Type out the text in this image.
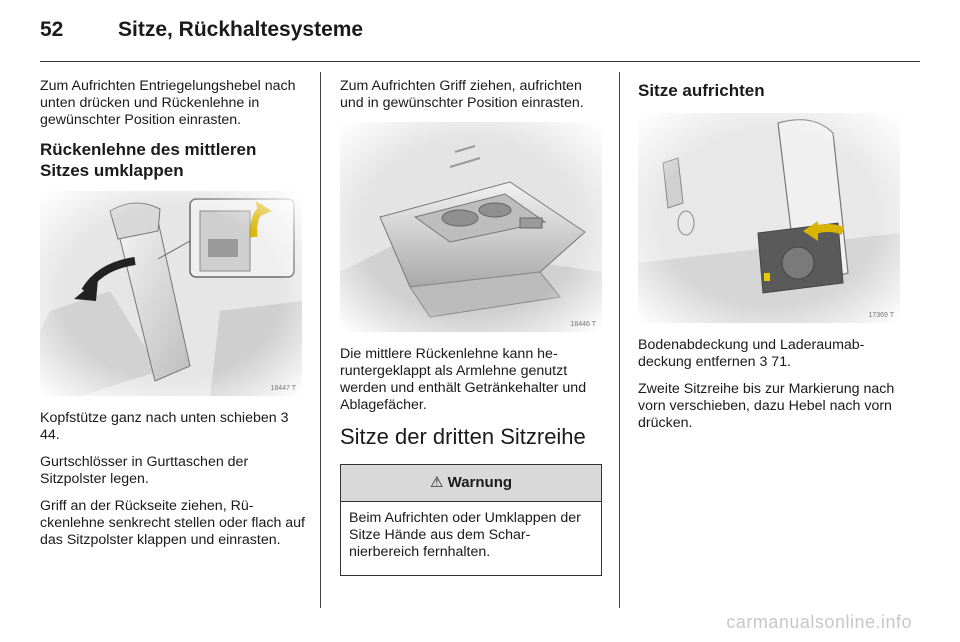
52	Sitze, Rückhaltesysteme

Zum Aufrichten Entriegelungshebel nach unten drücken und Rückenlehne in gewünschter Position einrasten.

Rückenlehne des mittleren Sitzes umklappen
18447 T

Kopfstütze ganz nach unten schieben 3 44.

Gurtschlösser in Gurttaschen der Sitzpolster legen.

Griff an der Rückseite ziehen, Rückenlehne senkrecht stellen oder flach auf das Sitzpolster klappen und einrasten.

Zum Aufrichten Griff ziehen, aufrichten und in gewünschter Position einrasten.

18446 T

Die mittlere Rückenlehne kann heruntergeklappt als Armlehne genutzt werden und enthält Getränkehalter und Ablagefächer.

Sitze der dritten Sitzreihe
⚠ Warnung

Beim Aufrichten oder Umklappen der Sitze Hände aus dem Scharnierbereich fernhalten.

Sitze aufrichten
17369 T

Bodenabdeckung und Laderaumabdeckung entfernen 3 71.

Zweite Sitzreihe bis zur Markierung nach vorn verschieben, dazu Hebel nach vorn drücken.

carmanualsonline.info
